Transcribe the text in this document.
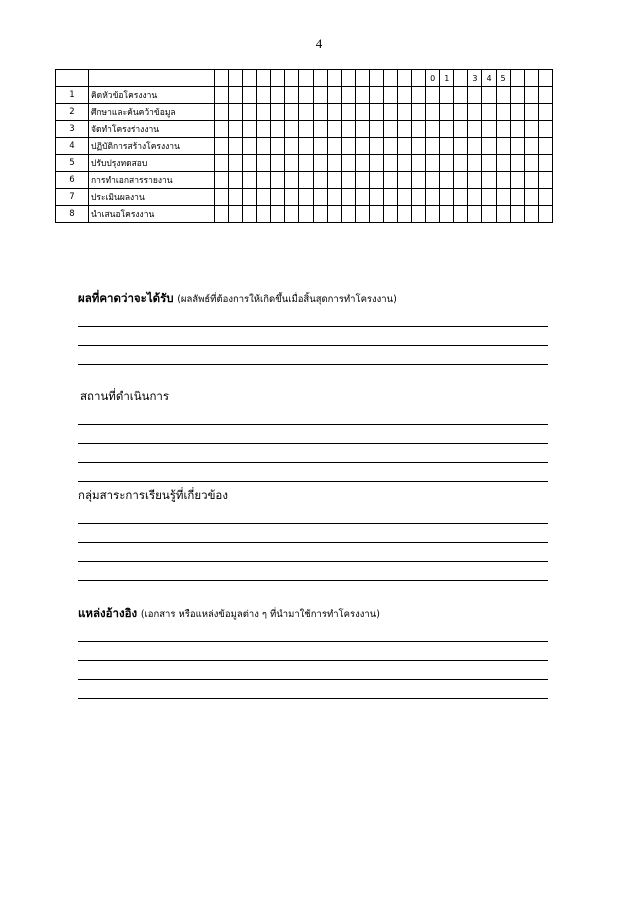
4
																	0	1		3	4	5			
1	คิดหัวข้อโครงงาน																								
2	ศึกษาและค้นคว้าข้อมูล																								
3	จัดทำโครงร่างงาน																								
4	ปฏิบัติการสร้างโครงงาน																								
5	ปรับปรุงทดสอบ																								
6	การทำเอกสารรายงาน																								
7	ประเมินผลงาน																								
8	นำเสนอโครงงาน																								
ผลที่คาดว่าจะได้รับ (ผลลัพธ์ที่ต้องการให้เกิดขึ้นเมื่อสิ้นสุดการทำโครงงาน)
สถานที่ดำเนินการ
กลุ่มสาระการเรียนรู้ที่เกี่ยวข้อง
แหล่งอ้างอิง (เอกสาร หรือแหล่งข้อมูลต่าง ๆ ที่นำมาใช้การทำโครงงาน)
